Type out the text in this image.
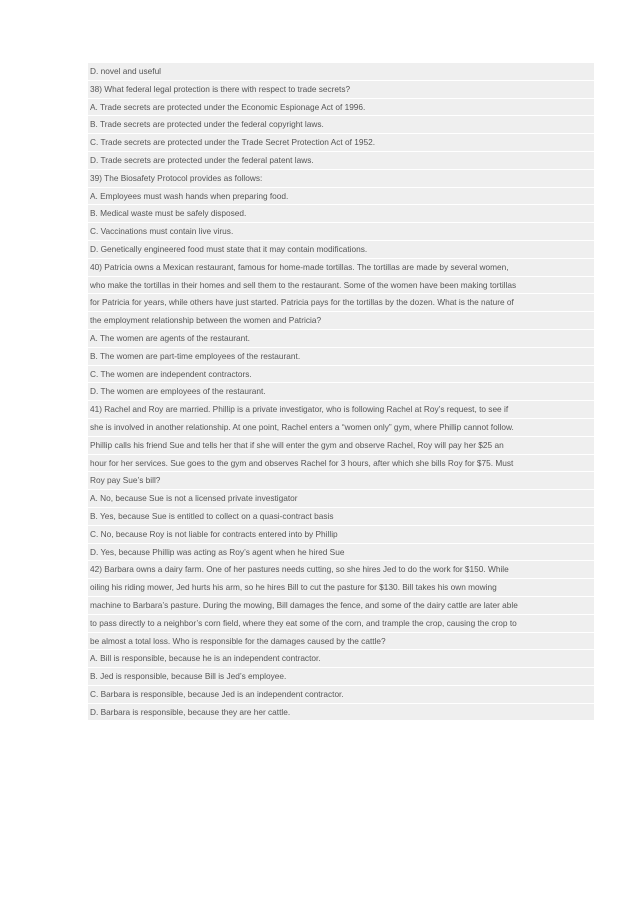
D. novel and useful
38) What federal legal protection is there with respect to trade secrets?
A. Trade secrets are protected under the Economic Espionage Act of 1996.
B. Trade secrets are protected under the federal copyright laws.
C. Trade secrets are protected under the Trade Secret Protection Act of 1952.
D. Trade secrets are protected under the federal patent laws.
39) The Biosafety Protocol provides as follows:
A. Employees must wash hands when preparing food.
B. Medical waste must be safely disposed.
C. Vaccinations must contain live virus.
D. Genetically engineered food must state that it may contain modifications.
40) Patricia owns a Mexican restaurant, famous for home-made tortillas. The tortillas are made by several women,
who make the tortillas in their homes and sell them to the restaurant. Some of the women have been making tortillas
for Patricia for years, while others have just started. Patricia pays for the tortillas by the dozen. What is the nature of
the employment relationship between the women and Patricia?
A. The women are agents of the restaurant.
B. The women are part-time employees of the restaurant.
C. The women are independent contractors.
D. The women are employees of the restaurant.
41) Rachel and Roy are married. Phillip is a private investigator, who is following Rachel at Roy’s request, to see if
she is involved in another relationship. At one point, Rachel enters a “women only” gym, where Phillip cannot follow.
Phillip calls his friend Sue and tells her that if she will enter the gym and observe Rachel, Roy will pay her $25 an
hour for her services. Sue goes to the gym and observes Rachel for 3 hours, after which she bills Roy for $75. Must
Roy pay Sue’s bill?
A. No, because Sue is not a licensed private investigator
B. Yes, because Sue is entitled to collect on a quasi-contract basis
C. No, because Roy is not liable for contracts entered into by Phillip
D. Yes, because Phillip was acting as Roy’s agent when he hired Sue
42) Barbara owns a dairy farm. One of her pastures needs cutting, so she hires Jed to do the work for $150. While
oiling his riding mower, Jed hurts his arm, so he hires Bill to cut the pasture for $130. Bill takes his own mowing
machine to Barbara’s pasture. During the mowing, Bill damages the fence, and some of the dairy cattle are later able
to pass directly to a neighbor’s corn field, where they eat some of the corn, and trample the crop, causing the crop to
be almost a total loss. Who is responsible for the damages caused by the cattle?
A. Bill is responsible, because he is an independent contractor.
B. Jed is responsible, because Bill is Jed’s employee.
C. Barbara is responsible, because Jed is an independent contractor.
D. Barbara is responsible, because they are her cattle.
